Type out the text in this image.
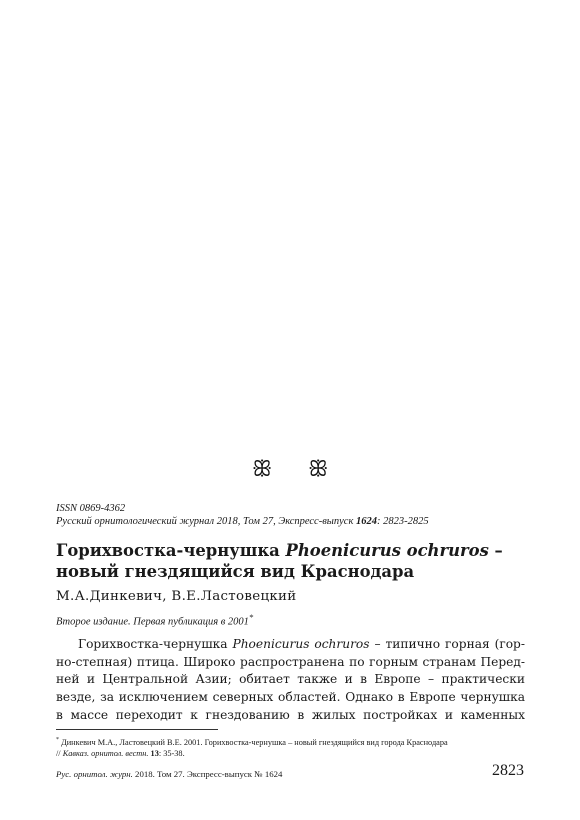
ꕥ ꕥ
ISSN 0869-4362
Русский орнитологический журнал 2018, Том 27, Экспресс-выпуск 1624: 2823-2825
Горихвостка-чернушка Phoenicurus ochruros –
новый гнездящийся вид Краснодара
М.А.Динкевич, В.Е.Ластовецкий
Второе издание. Первая публикация в 2001*
Горихвостка-чернушка Phoenicurus ochruros – типично горная (гор-
но-степная) птица. Широко распространена по горным странам Перед-
ней и Центральной Азии; обитает также и в Европе – практически
везде, за исключением северных областей. Однако в Европе чернушка
в массе переходит к гнездованию в жилых постройках и каменных
* Динкевич М.А., Ластовецкий В.Е. 2001. Горихвостка-чернушка – новый гнездящийся вид города Краснодара
// Кавказ. орнитол. вестн. 13: 35-38.
Рус. орнитол. журн. 2018. Том 27. Экспресс-выпуск № 1624	2823
